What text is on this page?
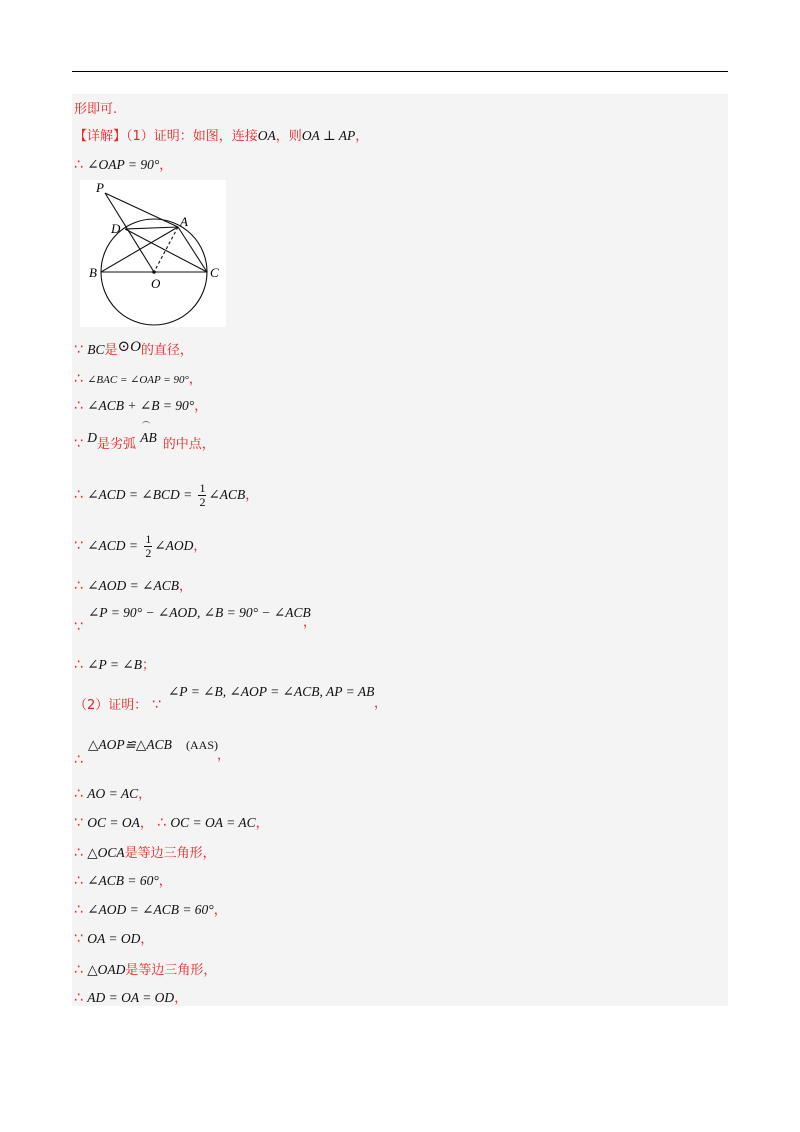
形即可.
【详解】（1）证明：如图，连接OA，则OA ⊥ AP，
∴ ∠OAP = 90°，
P
A
D
B	C
O
∵ BC是⊙O的直径，
∴ ∠BAC = ∠OAP = 90°，
∴ ∠ACB + ∠B = 90°，
∵ D是劣弧 AB 的中点，
∴ ∠ACD = ∠BCD = $\frac{1}{2}$ ∠ACB，
∵ ∠ACD = $\frac{1}{2}$ ∠AOD，
∴ ∠AOD = ∠ACB，
∵
∠P = 90° − ∠AOD, ∠B = 90° − ∠ACB
，
∴ ∠P = ∠B；
（2）证明： ∵
∠P = ∠B, ∠AOP = ∠ACB, AP = AB
，
∴
△AOP≌△ACB (AAS)
，
∴ AO = AC，
∵ OC = OA， ∴ OC = OA = AC，
∴ △OCA是等边三角形，
∴ ∠ACB = 60°，
∴ ∠AOD = ∠ACB = 60°，
∵ OA = OD，
∴ △OAD是等边三角形，
∴ AD = OA = OD，
